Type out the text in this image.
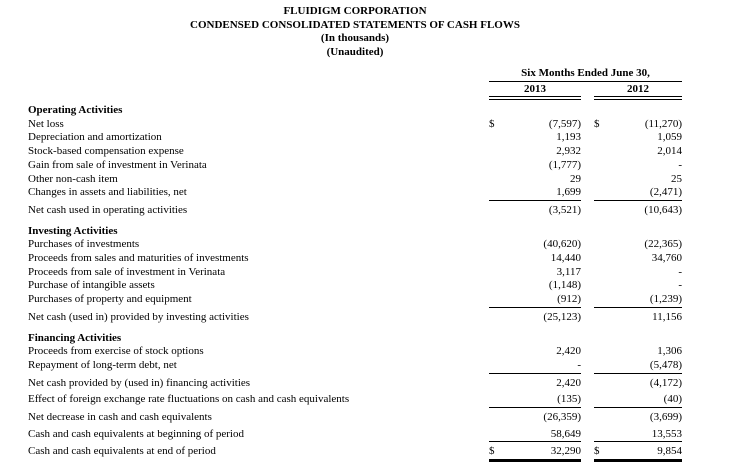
FLUIDIGM CORPORATION
CONDENSED CONSOLIDATED STATEMENTS OF CASH FLOWS
(In thousands)
(Unaudited)
Six Months Ended June 30,
2013	2012
Operating Activities
Net loss	$	(7,597) $	(11,270)
Depreciation and amortization	1,193	1,059
Stock-based compensation expense	2,932	2,014
Gain from sale of investment in Verinata	(1,777)	-
Other non-cash item	29	25
Changes in assets and liabilities, net	1,699	(2,471)
Net cash used in operating activities	(3,521)	(10,643)
Investing Activities
Purchases of investments	(40,620)	(22,365)
Proceeds from sales and maturities of investments	14,440	34,760
Proceeds from sale of investment in Verinata	3,117	-
Purchase of intangible assets	(1,148)	-
Purchases of property and equipment	(912)	(1,239)
Net cash (used in) provided by investing activities	(25,123)	11,156
Financing Activities
Proceeds from exercise of stock options	2,420	1,306
Repayment of long-term debt, net	-	(5,478)
Net cash provided by (used in) financing activities	2,420	(4,172)
Effect of foreign exchange rate fluctuations on cash and cash equivalents	(135)	(40)
Net decrease in cash and cash equivalents	(26,359)	(3,699)
Cash and cash equivalents at beginning of period	58,649	13,553
Cash and cash equivalents at end of period	$	32,290 $	9,854
